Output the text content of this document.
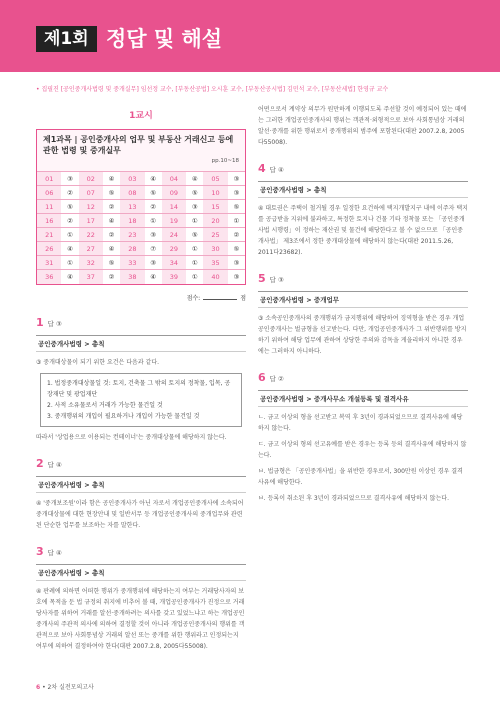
제1회 정답 및 해설
• 집필진 [공인중개사법령 및 중개실무] 임선정 교수, [부동산공법] 오시훈 교수, [부동산공시법] 김민석 교수, [부동산세법] 한영규 교수
1교시
제1과목 | 공인중개사의 업무 및 부동산 거래신고 등에 관한 법령 및 중개실무
pp.10~18
01	③	02	④	03	④	04	④	05	③
06	②	07	⑤	08	⑤	09	⑤	10	③
11	⑤	12	②	13	②	14	③	15	⑤
16	②	17	④	18	①	19	①	20	①
21	①	22	②	23	③	24	⑤	25	②
26	④	27	④	28	⑦	29	①	30	⑤
31	①	32	⑤	33	③	34	①	35	③
36	④	37	②	38	④	39	①	40	③
점수:	점
1 답 ③
공인중개사법령 > 총칙
③ 중개대상물이 되기 위한 요건은 다음과 같다.
1. 법정중개대상물일 것: 토지, 건축물 그 밖의 토지의 정착물, 입목, 공장재단 및 광업재단
2. 사적 소유물로서 거래가 가능한 물건일 것
3. 중개행위의 개입이 필요하거나 개입이 가능한 물건일 것
따라서 '상업용으로 이용되는 컨테이너'는 중개대상물에 해당하지 않는다.
2 답 ④
공인중개사법령 > 총칙
④ '중개보조원'이라 함은 공인중개사가 아닌 자로서 개업공인중개사에 소속되어 중개대상물에 대한 현장안내 및 일반서무 등 개업공인중개사의 중개업무와 관련된 단순한 업무를 보조하는 자를 말한다.
3 답 ④
공인중개사법령 > 총칙
④ 판례에 의하면 어떠한 행위가 중개행위에 해당하는지 여부는 거래당사자의 보호에 목적을 둔 법 규정의 취지에 비추어 볼 때, 개업공인중개사가 진정으로 거래당사자를 위하여 거래를 알선·중개하려는 의사를 갖고 있었느냐고 하는 개업공인중개사의 주관적 의사에 의하여 결정할 것이 아니라 개업공인중개사의 행위를 객관적으로 보아 사회통념상 거래의 알선 또는 중개를 위한 행위라고 인정되는지 여부에 의하여 결정하여야 한다(대판 2007.2.8, 2005다55008).
어떤으로서 계약상 의무가 원만하게 이행되도록 주선할 것이 예정되어 있는 때에는 그러한 개업공인중개사의 행위는 객관적·외형적으로 보아 사회통념상 거래의 알선·중개를 위한 행위로서 중개행위의 범주에 포함된다(대판 2007.2.8, 2005다55008).
4 답 ④
공인중개사법령 > 총칙
④ 대토권은 주택이 철거될 경우 일정한 요건하에 택지개발지구 내에 이주자 택지를 공급받을 지위에 불과하고, 특정한 토지나 건물 기타 정착물 또는 「공인중개사법 시행령」이 정하는 재산권 및 물건에 해당한다고 볼 수 없으므로 「공인중개사법」 제3조에서 정한 중개대상물에 해당하지 않는다(대판 2011.5.26, 2011다23682).
5 답 ③
공인중개사법령 > 중개업무
③ 소속공인중개사의 중개행위가 금지행위에 해당하여 징역형을 받은 경우 개업공인중개사는 벌금형을 선고받는다. 다만, 개업공인중개사가 그 위반행위를 방지하기 위하여 해당 업무에 관하여 상당한 주의와 감독을 게을리하지 아니한 경우에는 그러하지 아니하다.
6 답 ②
공인중개사법령 > 중개사무소 개설등록 및 결격사유
ㄴ. 금고 이상의 형을 선고받고 복역 후 3년이 경과되었으므로 결격사유에 해당하지 않는다.
ㄷ. 금고 이상의 형의 선고유예를 받은 경우는 등록 등의 결격사유에 해당하지 않는다.
ㅂ. 법금형은 「공인중개사법」을 위반한 경우로서, 300만원 이상인 경우 결격사유에 해당한다.
ㅂ. 등록이 취소된 후 3년이 경과되었으므로 결격사유에 해당하지 않는다.
6 • 2차 실전모의고사
